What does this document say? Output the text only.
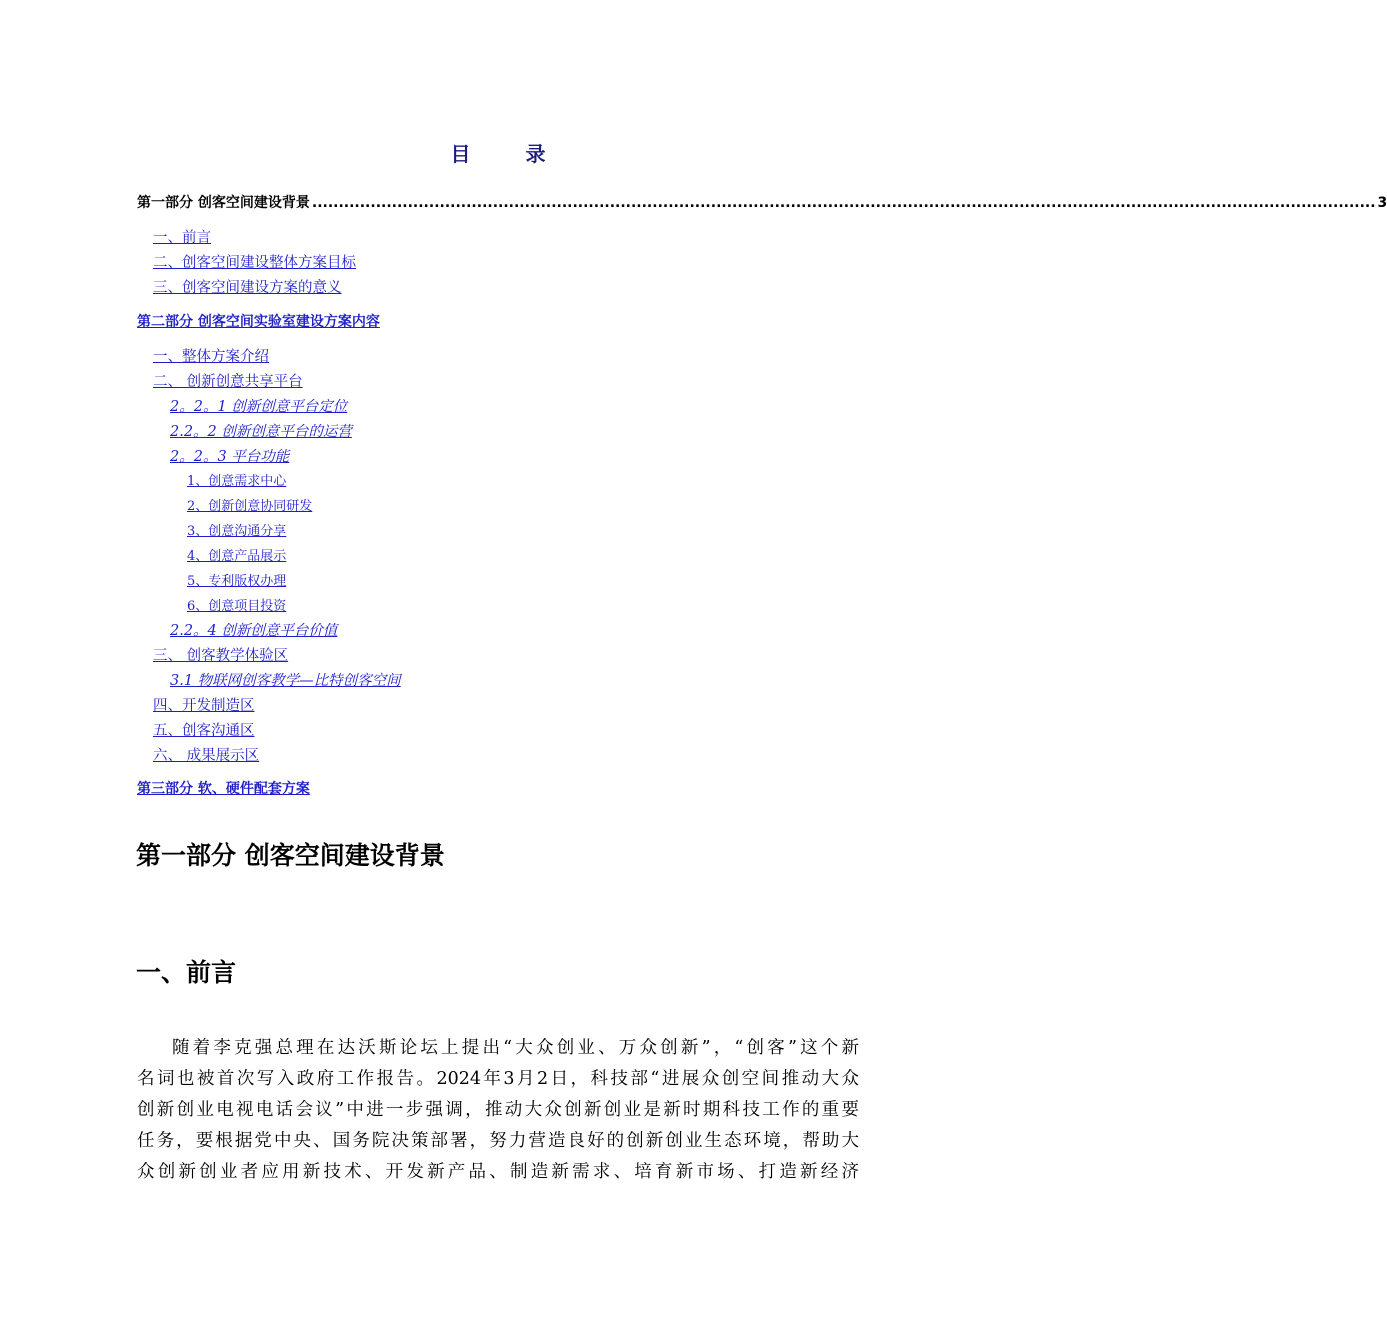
目 录
第一部分 创客空间建设背景 ........................................................................................................................................................................................................ 3
一、前言
二、创客空间建设整体方案目标
三、创客空间建设方案的意义
第二部分 创客空间实验室建设方案内容
一、整体方案介绍
二、 创新创意共享平台
2。2。1 创新创意平台定位
2.2。2 创新创意平台的运营
2。2。3 平台功能
1、创意需求中心
2、创新创意协同研发
3、创意沟通分享
4、创意产品展示
5、专利版权办理
6、创意项目投资
2.2。4 创新创意平台价值
三、 创客教学体验区
3.1 物联网创客教学—比特创客空间
四、开发制造区
五、创客沟通区
六、 成果展示区
第三部分 软、硬件配套方案
第一部分 创客空间建设背景
一、前言
随着李克强总理在达沃斯论坛上提出“大众创业、万众创新”，“创客”这个新
名词也被首次写入政府工作报告。2024年3月2日，科技部“进展众创空间推动大众
创新创业电视电话会议”中进一步强调，推动大众创新创业是新时期科技工作的重要
任务，要根据党中央、国务院决策部署，努力营造良好的创新创业生态环境，帮助大
众创新创业者应用新技术、开发新产品、制造新需求、培育新市场、打造新经济
